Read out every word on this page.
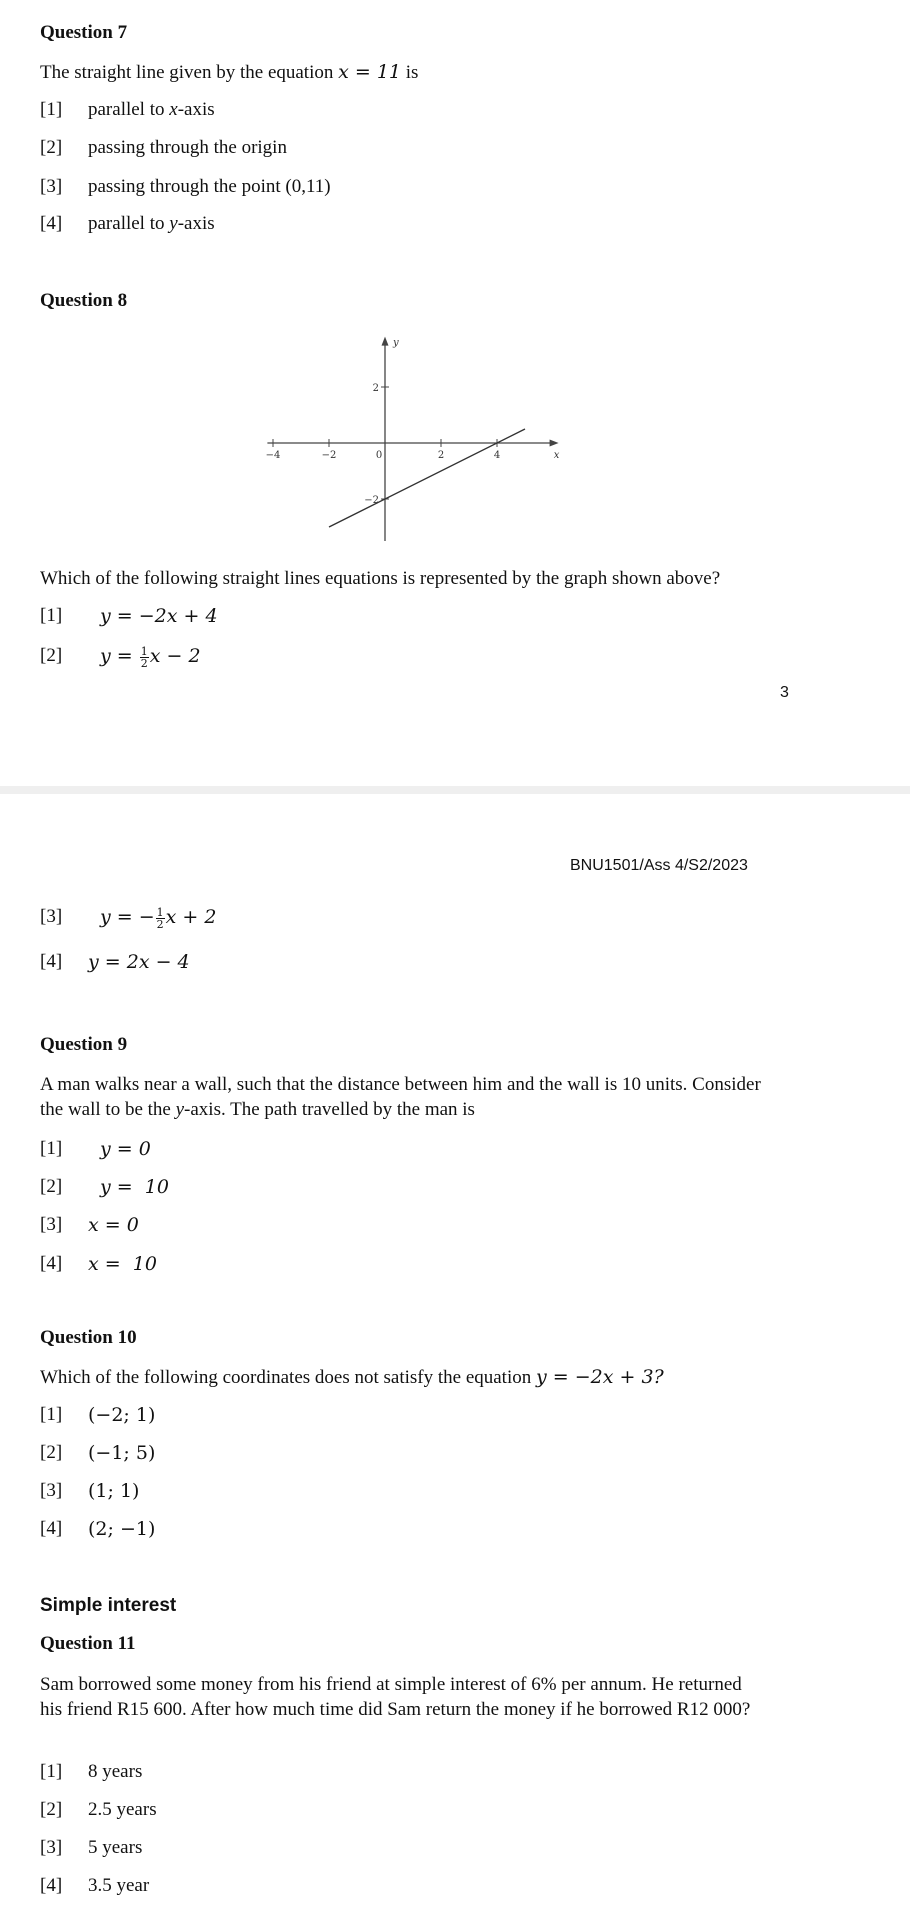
Question 7
The straight line given by the equation x = 11 is
[1]	parallel to x-axis
[2]	passing through the origin
[3]	passing through the point (0,11)
[4]	parallel to y-axis
Question 8
−4	−2	0	2	4
2
−2
x
y
Which of the following straight lines equations is represented by the graph shown above?
[1]	y = −2x + 4
[2]	$y = \frac{1}{2}$ x − 2
3
BNU1501/Ass 4/S2/2023
[3]	y = − $\frac{1}{2}$ x + 2
[4]	y = 2x − 4
Question 9
A man walks near a wall, such that the distance between him and the wall is 10 units. Consider
the wall to be the y-axis. The path travelled by the man is
[1]	y = 0
[2]	y =  10
[3]	x = 0
[4]	x =  10
Question 10
Which of the following coordinates does not satisfy the equation y = −2x + 3?
[1]	(−2; 1)
[2]	(−1; 5)
[3]	(1; 1)
[4]	(2; −1)
Simple interest
Question 11
Sam borrowed some money from his friend at simple interest of 6% per annum. He returned
his friend R15 600. After how much time did Sam return the money if he borrowed R12 000?
[1]	8 years
[2]	2.5 years
[3]	5 years
[4]	3.5 year
